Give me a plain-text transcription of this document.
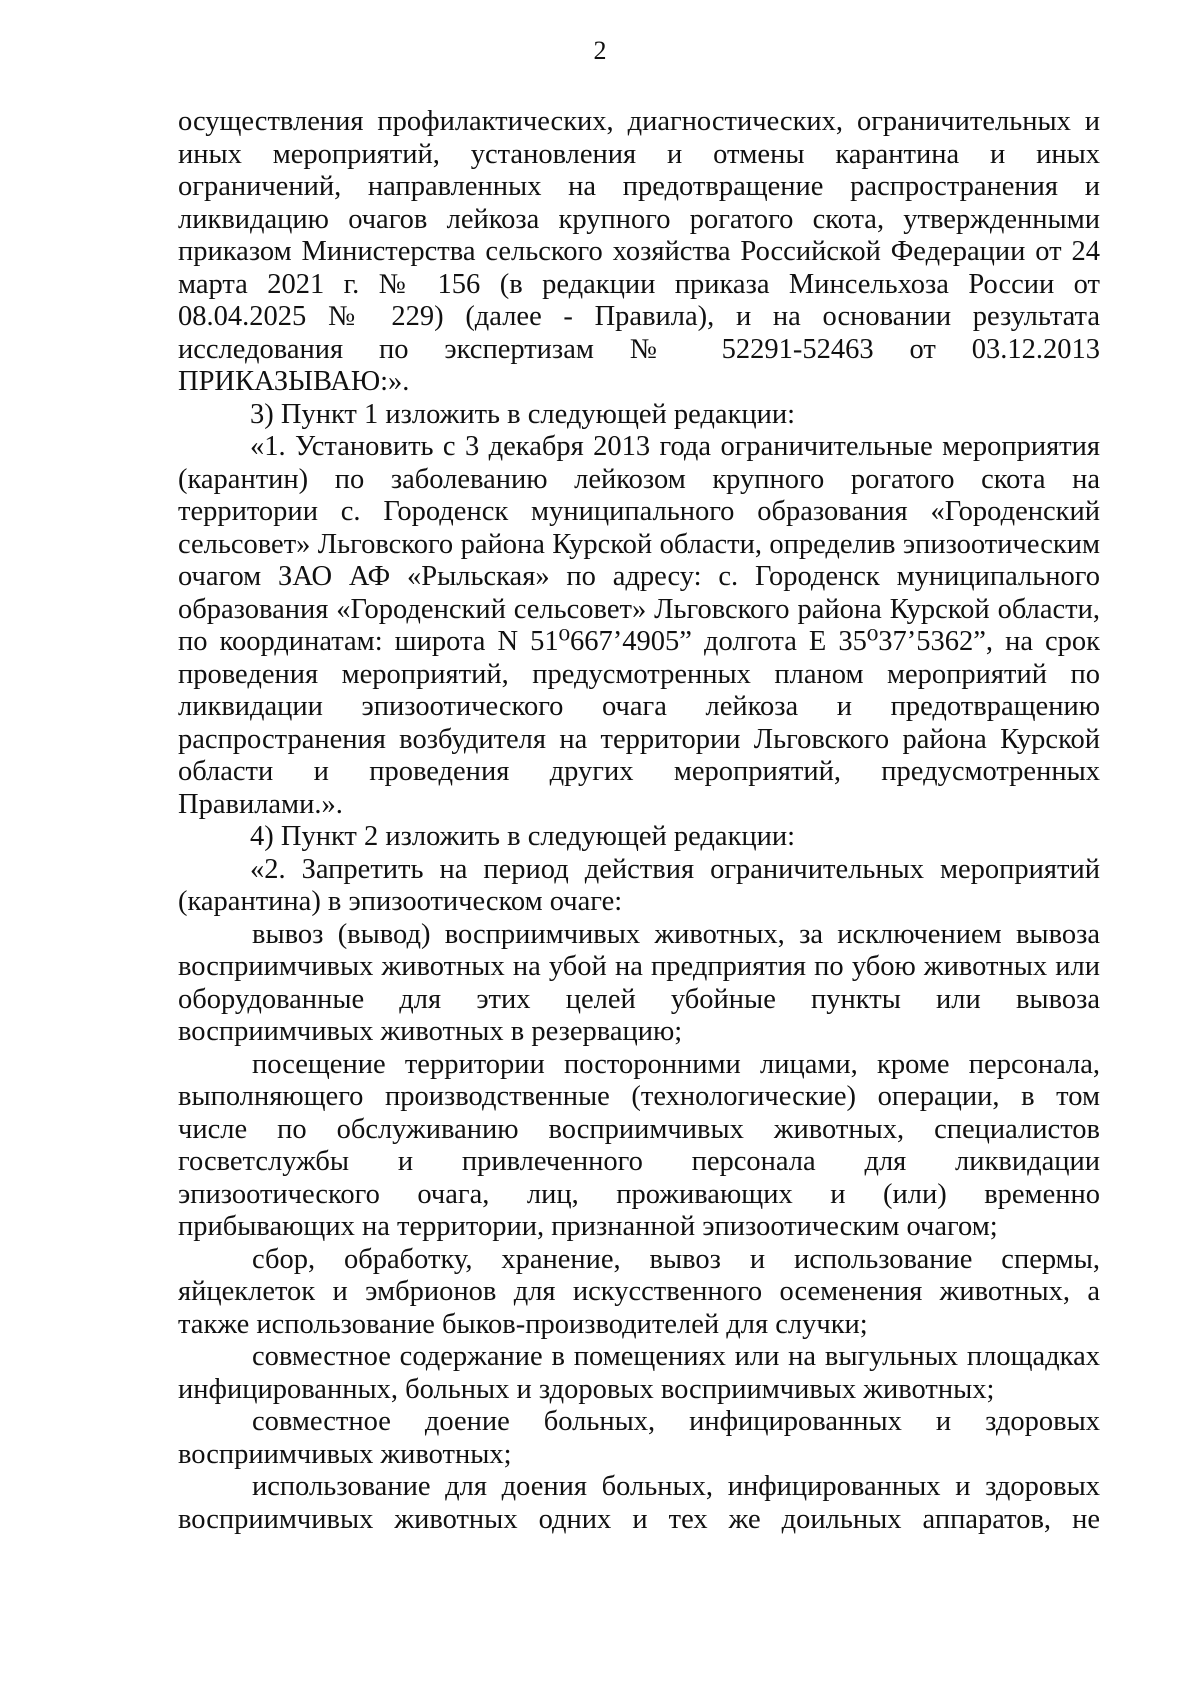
2

осуществления профилактических, диагностических, ограничительных и иных мероприятий, установления и отмены карантина и иных ограничений, направленных на предотвращение распространения и ликвидацию очагов лейкоза крупного рогатого скота, утвержденными приказом Министерства сельского хозяйства Российской Федерации от 24 марта 2021 г. № 156 (в редакции приказа Минсельхоза России от 08.04.2025 № 229) (далее - Правила), и на основании результата исследования по экспертизам № 52291-52463 от 03.12.2013 ПРИКАЗЫВАЮ:».

3) Пункт 1 изложить в следующей редакции:

«1. Установить с 3 декабря 2013 года ограничительные мероприятия (карантин) по заболеванию лейкозом крупного рогатого скота на территории с. Городенск муниципального образования «Городенский сельсовет» Льговского района Курской области, определив эпизоотическим очагом ЗАО АФ «Рыльская» по адресу: с. Городенск муниципального образования «Городенский сельсовет» Льговского района Курской области, по координатам: широта N 51⁰667’4905” долгота E 35⁰37’5362”, на срок проведения мероприятий, предусмотренных планом мероприятий по ликвидации эпизоотического очага лейкоза и предотвращению распространения возбудителя на территории Льговского района Курской области и проведения других мероприятий, предусмотренных Правилами.».

4) Пункт 2 изложить в следующей редакции:

«2. Запретить на период действия ограничительных мероприятий (карантина) в эпизоотическом очаге:

вывоз (вывод) восприимчивых животных, за исключением вывоза восприимчивых животных на убой на предприятия по убою животных или оборудованные для этих целей убойные пункты или вывоза восприимчивых животных в резервацию;

посещение территории посторонними лицами, кроме персонала, выполняющего производственные (технологические) операции, в том числе по обслуживанию восприимчивых животных, специалистов госветслужбы и привлеченного персонала для ликвидации эпизоотического очага, лиц, проживающих и (или) временно прибывающих на территории, признанной эпизоотическим очагом;

сбор, обработку, хранение, вывоз и использование спермы, яйцеклеток и эмбрионов для искусственного осеменения животных, а также использование быков-производителей для случки;

совместное содержание в помещениях или на выгульных площадках инфицированных, больных и здоровых восприимчивых животных;

совместное доение больных, инфицированных и здоровых восприимчивых животных;

использование для доения больных, инфицированных и здоровых восприимчивых животных одних и тех же доильных аппаратов, не
